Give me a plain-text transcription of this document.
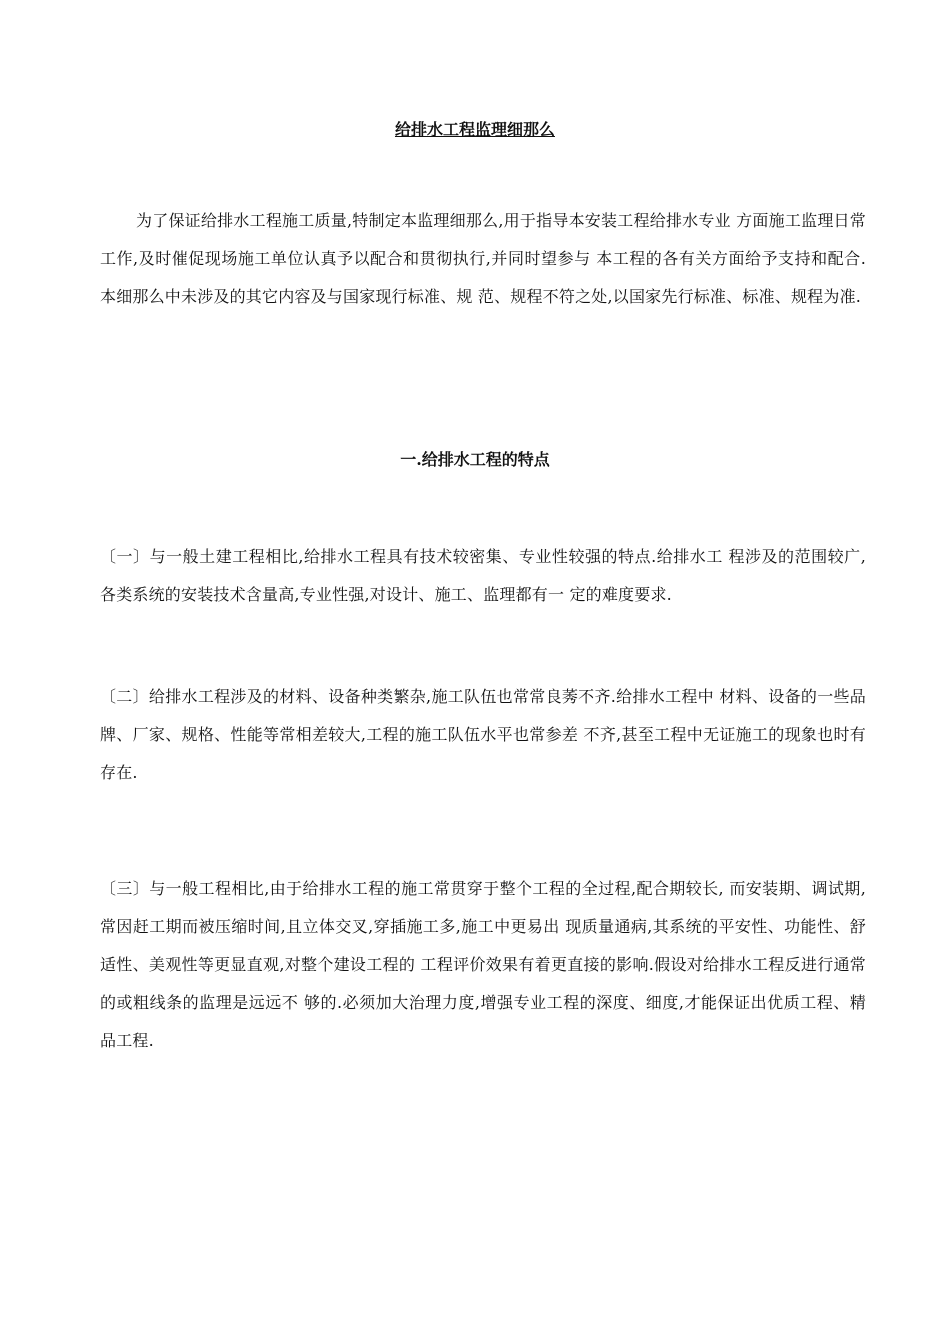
给排水工程监理细那么

为了保证给排水工程施工质量,特制定本监理细那么,用于指导本安装工程给排水专业 方面施工监理日常工作,及时催促现场施工单位认真予以配合和贯彻执行,并同时望参与 本工程的各有关方面给予支持和配合.本细那么中未涉及的其它内容及与国家现行标准、规 范、规程不符之处,以国家先行标准、标准、规程为准.

一.给排水工程的特点

〔一〕与一般土建工程相比,给排水工程具有技术较密集、专业性较强的特点.给排水工 程涉及的范围较广,各类系统的安装技术含量高,专业性强,对设计、施工、监理都有一 定的难度要求.

〔二〕给排水工程涉及的材料、设备种类繁杂,施工队伍也常常良莠不齐.给排水工程中 材料、设备的一些品牌、厂家、规格、性能等常相差较大,工程的施工队伍水平也常参差 不齐,甚至工程中无证施工的现象也时有存在.

〔三〕与一般工程相比,由于给排水工程的施工常贯穿于整个工程的全过程,配合期较长, 而安装期、调试期,常因赶工期而被压缩时间,且立体交叉,穿插施工多,施工中更易出 现质量通病,其系统的平安性、功能性、舒适性、美观性等更显直观,对整个建设工程的 工程评价效果有着更直接的影响.假设对给排水工程反进行通常的或粗线条的监理是远远不 够的.必须加大治理力度,增强专业工程的深度、细度,才能保证出优质工程、精品工程.
